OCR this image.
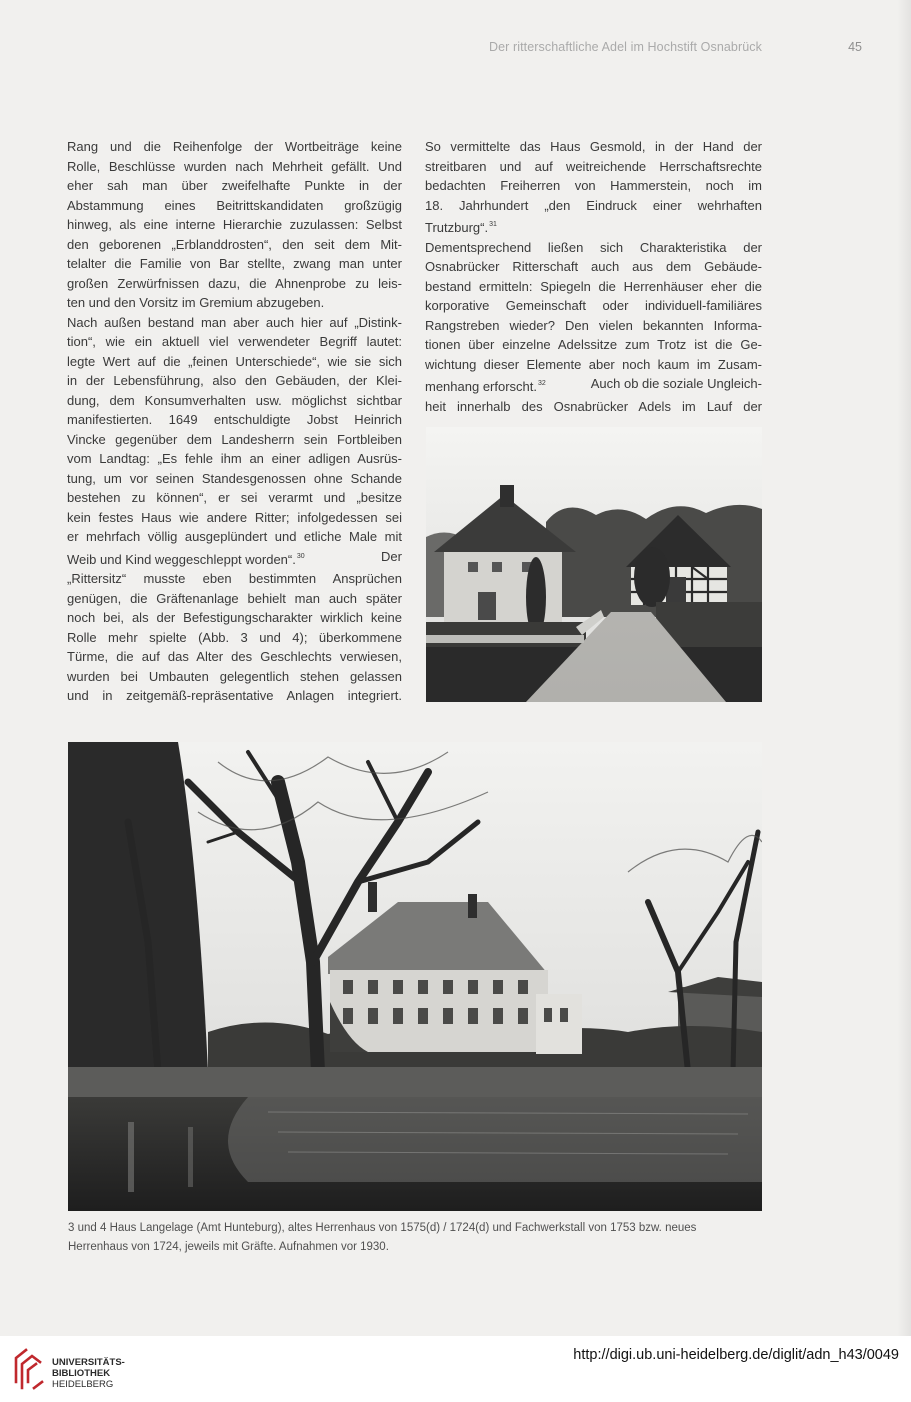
Der ritterschaftliche Adel im Hochstift Osnabrück	45
Rang und die Reihenfolge der Wortbeiträge keine
Rolle, Beschlüsse wurden nach Mehrheit gefällt. Und
eher sah man über zweifelhafte Punkte in der
Abstammung eines Beitrittskandidaten großzügig
hinweg, als eine interne Hierarchie zuzulassen: Selbst
den geborenen „Erblanddrosten“, den seit dem Mit-
telalter die Familie von Bar stellte, zwang man unter
großen Zerwürfnissen dazu, die Ahnenprobe zu leis-
ten und den Vorsitz im Gremium abzugeben.
Nach außen bestand man aber auch hier auf „Distink-
tion“, wie ein aktuell viel verwendeter Begriff lautet:
legte Wert auf die „feinen Unterschiede“, wie sie sich
in der Lebensführung, also den Gebäuden, der Klei-
dung, dem Konsumverhalten usw. möglichst sichtbar
manifestierten. 1649 entschuldigte Jobst Heinrich
Vincke gegenüber dem Landesherrn sein Fortbleiben
vom Landtag: „Es fehle ihm an einer adligen Ausrüs-
tung, um vor seinen Standesgenossen ohne Schande
bestehen zu können“, er sei verarmt und „besitze
kein festes Haus wie andere Ritter; infolgedessen sei
er mehrfach völlig ausgeplündert und etliche Male mit
Weib und Kind weggeschleppt worden“.$^{30}$	Der
„Rittersitz“ musste eben bestimmten Ansprüchen
genügen, die Gräftenanlage behielt man auch später
noch bei, als der Befestigungscharakter wirklich keine
Rolle mehr spielte (Abb. 3 und 4); überkommene
Türme, die auf das Alter des Geschlechts verwiesen,
wurden bei Umbauten gelegentlich stehen gelassen
und in zeitgemäß-repräsentative Anlagen integriert.
So vermittelte das Haus Gesmold, in der Hand der
streitbaren und auf weitreichende Herrschaftsrechte
bedachten Freiherren von Hammerstein, noch im
18. Jahrhundert „den Eindruck einer wehrhaften
Trutzburg“.$^{31}$
Dementsprechend ließen sich Charakteristika der
Osnabrücker Ritterschaft auch aus dem Gebäude-
bestand ermitteln: Spiegeln die Herrenhäuser eher die
korporative Gemeinschaft oder individuell-familiäres
Rangstreben wieder? Den vielen bekannten Informa-
tionen über einzelne Adelssitze zum Trotz ist die Ge-
wichtung dieser Elemente aber noch kaum im Zusam-
menhang erforscht.$^{32}$	Auch ob die soziale Ungleich-
heit innerhalb des Osnabrücker Adels im Lauf der
3 und 4 Haus Langelage (Amt Hunteburg), altes Herrenhaus von 1575(d) / 1724(d) und Fachwerkstall von 1753 bzw. neues
Herrenhaus von 1724, jeweils mit Gräfte. Aufnahmen vor 1930.
UNIVERSITÄTS-
BIBLIOTHEK
HEIDELBERG
http://digi.ub.uni-heidelberg.de/diglit/adn_h43/0049
